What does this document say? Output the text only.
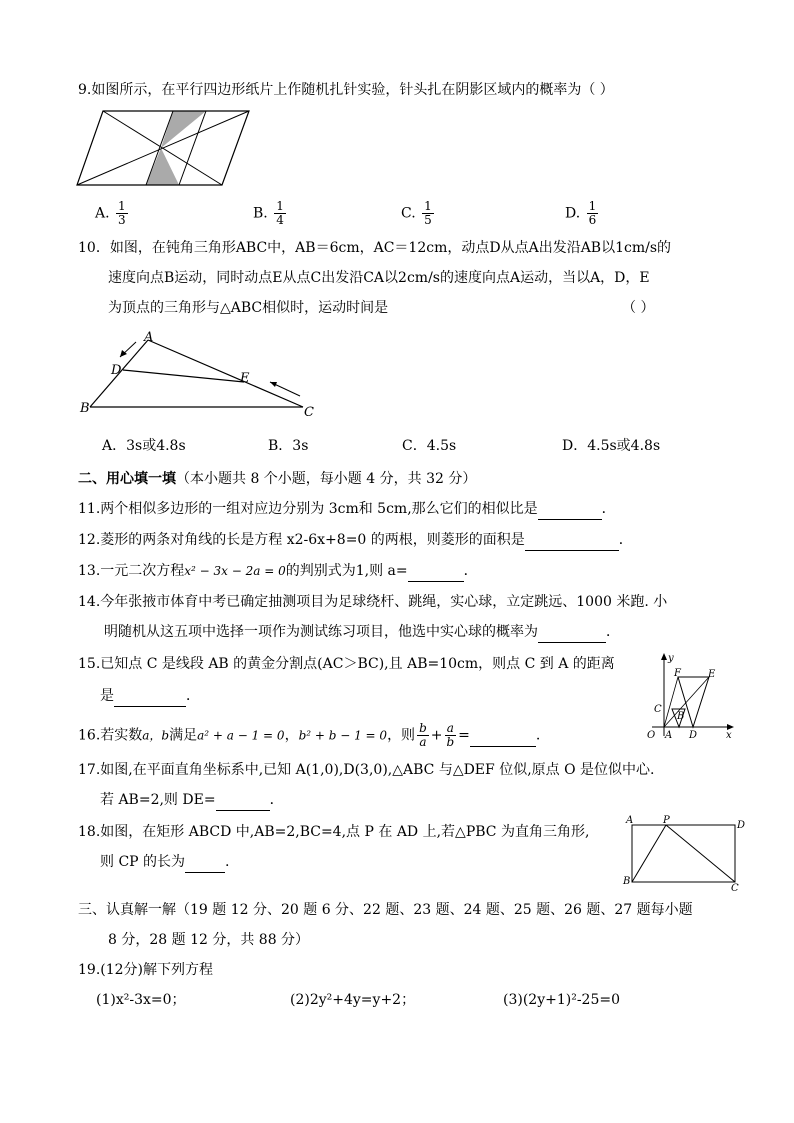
9.如图所示，在平行四边形纸片上作随机扎针实验，针头扎在阴影区域内的概率为（ ）
A. $\frac{1}{3}$	B. $\frac{1}{4}$	C. $\frac{1}{5}$	D. $\frac{1}{6}$
10．如图，在钝角三角形ABC中，AB＝6cm，AC＝12cm，动点D从点A出发沿AB以1cm/s的
速度向点B运动，同时动点E从点C出发沿CA以2cm/s的速度向点A运动，当以A，D，E
为顶点的三角形与△ABC相似时，运动时间是	（ ）
A
D
E
B	C
A．3s或4.8s	B．3s	C．4.5s	D．4.5s或4.8s
二、用心填一填（本小题共 8 个小题，每小题 4 分，共 32 分）
11.两个相似多边形的一组对应边分别为 3cm和 5cm,那么它们的相似比是	．
12.菱形的两条对角线的长是方程 x2-6x+8=0 的两根，则菱形的面积是	．
13.一元二次方程x² − 3x − 2a = 0的判别式为1,则 a=	．
14.今年张掖市体育中考已确定抽测项目为足球绕杆、跳绳，实心球，立定跳远、1000 米跑. 小
明随机从这五项中选择一项作为测试练习项目，他选中实心球的概率为	．
15.已知点 C 是线段 AB 的黄金分割点(AC＞BC),且 AB=10cm，则点 C 到 A 的距离
是	．
y
F	E
C
B
O A D	x
16.若实数a，b满足a² + a − 1 = 0，b² + b − 1 = 0，则 $\frac{b}{a} + \frac{a}{b}$ =	.
17.如图,在平面直角坐标系中,已知 A(1,0),D(3,0),△ABC 与△DEF 位似,原点 O 是位似中心.
若 AB=2,则 DE=	．
18.如图，在矩形 ABCD 中,AB=2,BC=4,点 P 在 AD 上,若△PBC 为直角三角形,
则 CP 的长为	.
A	P	D
B
C
三、认真解一解（19 题 12 分、20 题 6 分、22 题、23 题、24 题、25 题、26 题、27 题每小题
8 分，28 题 12 分，共 88 分）
19.(12分)解下列方程
(1)x²-3x=0；	(2)2y²+4y=y+2；	(3)(2y+1)²-25=0
